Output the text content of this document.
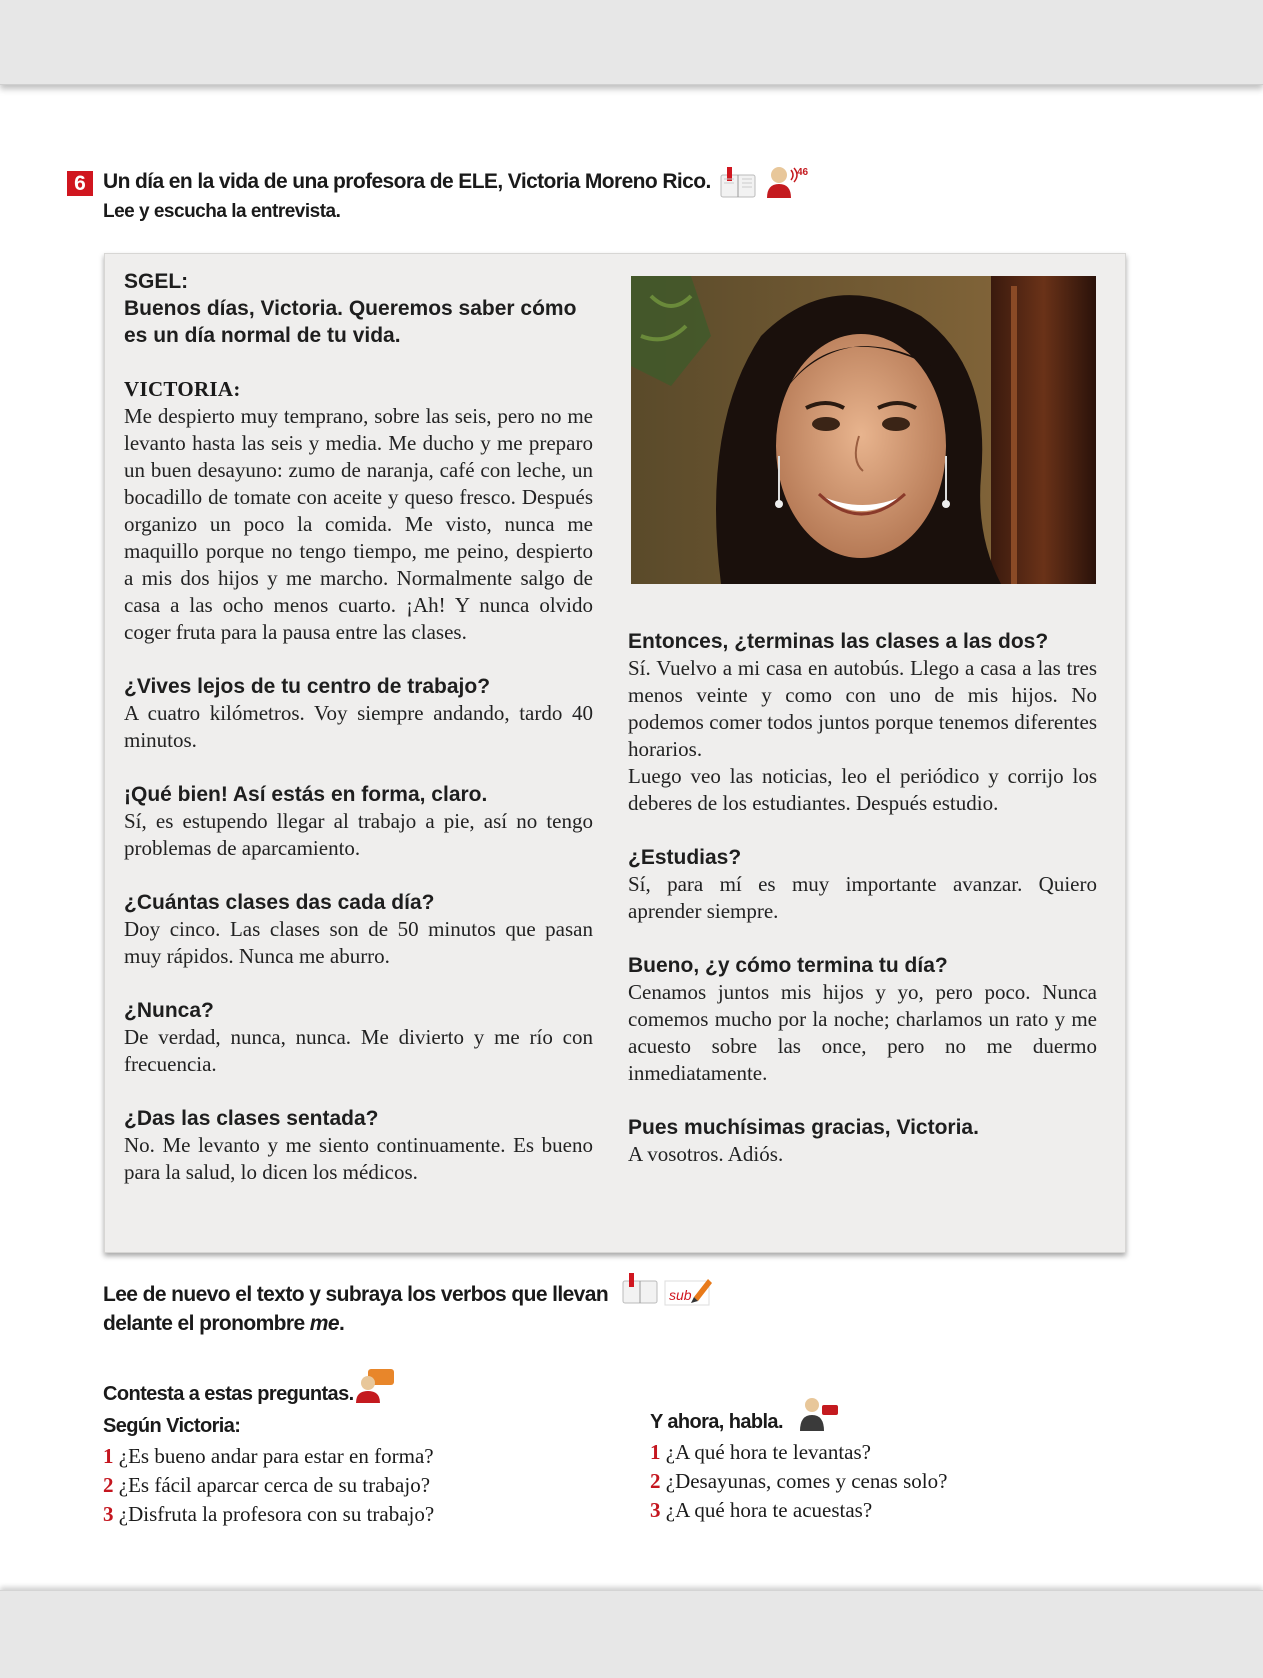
6 Un día en la vida de una profesora de ELE, Victoria Moreno Rico.
Lee y escucha la entrevista.
46

SGEL:

Buenos días, Victoria. Queremos saber cómo es un día normal de tu vida.

VICTORIA:

Me despierto muy temprano, sobre las seis, pero no me levanto hasta las seis y media. Me ducho y me preparo un buen desayuno: zumo de naranja, café con leche, un bocadillo de tomate con aceite y queso fresco. Después organizo un poco la comida. Me visto, nunca me maquillo porque no tengo tiempo, me peino, despierto a mis dos hijos y me marcho. Normalmente salgo de casa a las ocho menos cuarto. ¡Ah! Y nunca olvido coger fruta para la pausa entre las clases.

¿Vives lejos de tu centro de trabajo?

A cuatro kilómetros. Voy siempre andando, tardo 40 minutos.

¡Qué bien! Así estás en forma, claro.

Sí, es estupendo llegar al trabajo a pie, así no tengo problemas de aparcamiento.

¿Cuántas clases das cada día?

Doy cinco. Las clases son de 50 minutos que pasan muy rápidos. Nunca me aburro.

¿Nunca?

De verdad, nunca, nunca. Me divierto y me río con frecuencia.

¿Das las clases sentada?

No. Me levanto y me siento continuamente. Es bueno para la salud, lo dicen los médicos.

Entonces, ¿terminas las clases a las dos?

Sí. Vuelvo a mi casa en autobús. Llego a casa a las tres menos veinte y como con uno de mis hijos. No podemos comer todos juntos porque tenemos diferentes horarios.

Luego veo las noticias, leo el periódico y corrijo los deberes de los estudiantes. Después estudio.

¿Estudias?

Sí, para mí es muy importante avanzar. Quiero aprender siempre.

Bueno, ¿y cómo termina tu día?

Cenamos juntos mis hijos y yo, pero poco. Nunca comemos mucho por la noche; charlamos un rato y me acuesto sobre las once, pero no me duermo inmediatamente.

Pues muchísimas gracias, Victoria.

A vosotros. Adiós.

Lee de nuevo el texto y subraya los verbos que llevan
delante el pronombre me.
sub

Contesta a estas preguntas.

Según Victoria:

1 ¿Es bueno andar para estar en forma?

2 ¿Es fácil aparcar cerca de su trabajo?

3 ¿Disfruta la profesora con su trabajo?

Y ahora, habla.

1 ¿A qué hora te levantas?

2 ¿Desayunas, comes y cenas solo?

3 ¿A qué hora te acuestas?
